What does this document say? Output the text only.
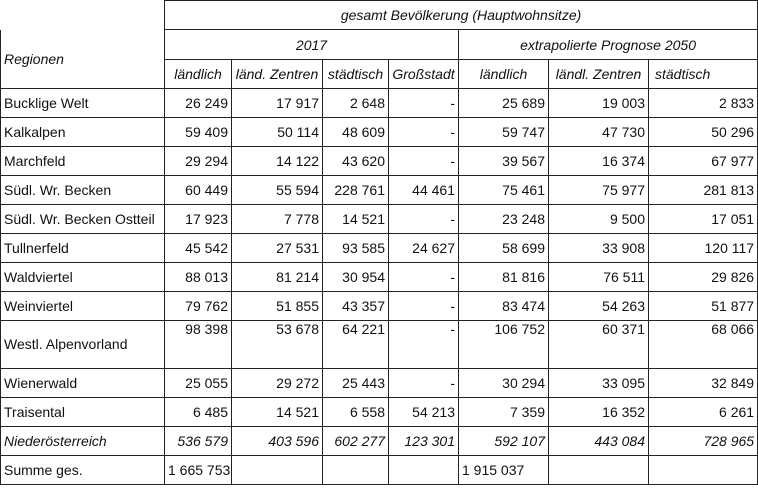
	gesamt Bevölkerung (Hauptwohnsitze)							
Regionen	2017				extrapolierte Prognose 2050			
	ländlich	länd. Zentren	städtisch	Großstadt	ländlich	ländl. Zentren	städtisch	
Bucklige Welt	26 249	17 917	2 648	-	25 689	19 003	2 833	
Kalkalpen	59 409	50 114	48 609	-	59 747	47 730	50 296	
Marchfeld	29 294	14 122	43 620	-	39 567	16 374	67 977	
Südl. Wr. Becken	60 449	55 594	228 761	44 461	75 461	75 977	281 813	
Südl. Wr. Becken Ostteil	17 923	7 778	14 521	-	23 248	9 500	17 051	
Tullnerfeld	45 542	27 531	93 585	24 627	58 699	33 908	120 117	
Waldviertel	88 013	81 214	30 954	-	81 816	76 511	29 826	
Weinviertel	79 762	51 855	43 357	-	83 474	54 263	51 877	
Westl. Alpenvorland	98 398	53 678	64 221	-	106 752	60 371	68 066	
Wienerwald	25 055	29 272	25 443	-	30 294	33 095	32 849	
Traisental	6 485	14 521	6 558	54 213	7 359	16 352	6 261	
Niederösterreich	536 579	403 596	602 277	123 301	592 107	443 084	728 965	
Summe ges.	1 665 753				1 915 037			
